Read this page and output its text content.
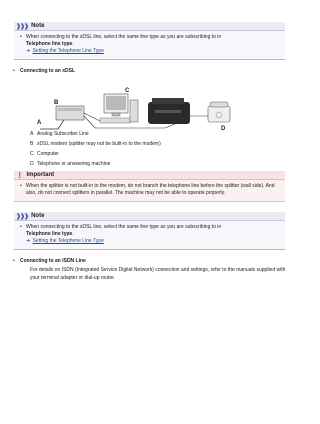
❱❱❱ Note
• When connecting to the xDSL line, select the same line type as you are subscribing to in
Telephone line type.
➜ Setting the Telephone Line Type
• Connecting to an xDSL
A
B
C
D
A Analog Subscriber Line
B xDSL modem (splitter may not be built-in to the modem)
C Computer
D Telephone or answering machine
❗ Important
• When the splitter is not built-in to the modem, do not branch the telephone line before the splitter (wall side). And also, do not connect splitters in parallel. The machine may not be able to operate properly.
❱❱❱ Note
• When connecting to the xDSL line, select the same line type as you are subscribing to in
Telephone line type.
➜ Setting the Telephone Line Type
• Connecting to an ISDN Line
For details on ISDN (Integrated Service Digital Network) connection and settings, refer to the manuals supplied with your terminal adapter or dial-up router.
